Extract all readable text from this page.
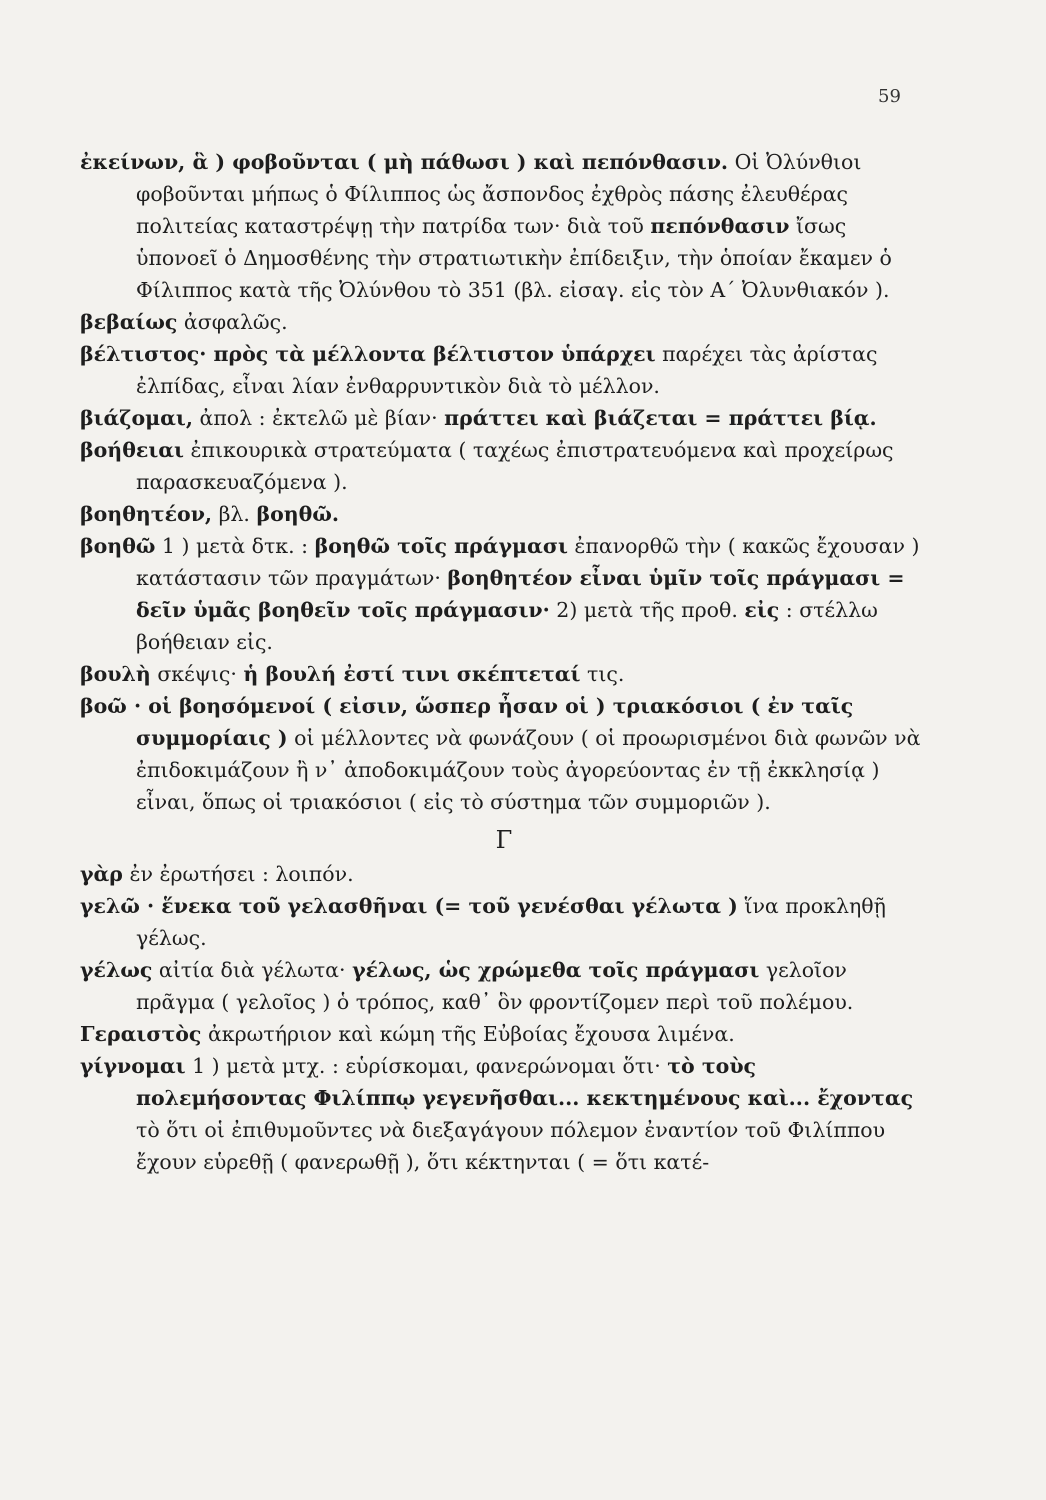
59

ἐκείνων, ἃ ) φοβοῦνται ( μὴ πάθωσι ) καὶ πεπόνθασιν. Οἱ Ὀλύνθιοι φοβοῦνται μήπως ὁ Φίλιππος ὡς ἄσπονδος ἐχθρὸς πάσης ἐλευθέρας πολιτείας καταστρέψῃ τὴν πατρίδα των· διὰ τοῦ πεπόνθασιν ἴσως ὑπονοεῖ ὁ Δημοσθένης τὴν στρατιωτικὴν ἐπίδειξιν, τὴν ὁποίαν ἔκαμεν ὁ Φίλιππος κατὰ τῆς Ὀλύνθου τὸ 351 (βλ. εἰσαγ. εἰς τὸν Α΄ Ὀλυνθιακόν ).

βεβαίως ἀσφαλῶς.

βέλτιστος· πρὸς τὰ μέλλοντα βέλτιστον ὑπάρχει παρέχει τὰς ἀρίστας ἐλπίδας, εἶναι λίαν ἐνθαρρυντικὸν διὰ τὸ μέλλον.

βιάζομαι, ἀπολ : ἐκτελῶ μὲ βίαν· πράττει καὶ βιάζεται = πράττει βίᾳ.

βοήθειαι ἐπικουρικὰ στρατεύματα ( ταχέως ἐπιστρατευόμενα καὶ προχείρως παρασκευαζόμενα ).

βοηθητέον, βλ. βοηθῶ.

βοηθῶ 1 ) μετὰ δτκ. : βοηθῶ τοῖς πράγμασι ἐπανορθῶ τὴν ( κακῶς ἔχουσαν ) κατάστασιν τῶν πραγμάτων· βοηθητέον εἶναι ὑμῖν τοῖς πράγμασι = δεῖν ὑμᾶς βοηθεῖν τοῖς πράγμασιν· 2) μετὰ τῆς προθ. εἰς : στέλλω βοήθειαν εἰς.

βουλὴ σκέψις· ἡ βουλή ἐστί τινι σκέπτεταί τις.

βοῶ · οἱ βοησόμενοί ( εἰσιν, ὥσπερ ἦσαν οἱ ) τριακόσιοι ( ἐν ταῖς συμμορίαις ) οἱ μέλλοντες νὰ φωνάζουν ( οἱ προωρισμένοι διὰ φωνῶν νὰ ἐπιδοκιμάζουν ἢ ν᾽ ἀποδοκιμάζουν τοὺς ἀγορεύοντας ἐν τῇ ἐκκλησίᾳ ) εἶναι, ὅπως οἱ τριακόσιοι ( εἰς τὸ σύστημα τῶν συμμοριῶν ).

Γ

γὰρ ἐν ἐρωτήσει : λοιπόν.

γελῶ · ἕνεκα τοῦ γελασθῆναι (= τοῦ γενέσθαι γέλωτα ) ἵνα προκληθῇ γέλως.

γέλως αἰτία διὰ γέλωτα· γέλως, ὡς χρώμεθα τοῖς πράγμασι γελοῖον πρᾶγμα ( γελοῖος ) ὁ τρόπος, καθ᾽ ὃν φροντίζομεν περὶ τοῦ πολέμου.

Γεραιστὸς ἀκρωτήριον καὶ κώμη τῆς Εὐβοίας ἔχουσα λιμένα.

γίγνομαι 1 ) μετὰ μτχ. : εὑρίσκομαι, φανερώνομαι ὅτι· τὸ τοὺς πολεμήσοντας Φιλίππῳ γεγενῆσθαι... κεκτημένους καὶ... ἔχοντας τὸ ὅτι οἱ ἐπιθυμοῦντες νὰ διεξαγάγουν πόλεμον ἐναντίον τοῦ Φιλίππου ἔχουν εὑρεθῇ ( φανερωθῇ ), ὅτι κέκτηνται ( = ὅτι κατέ-
